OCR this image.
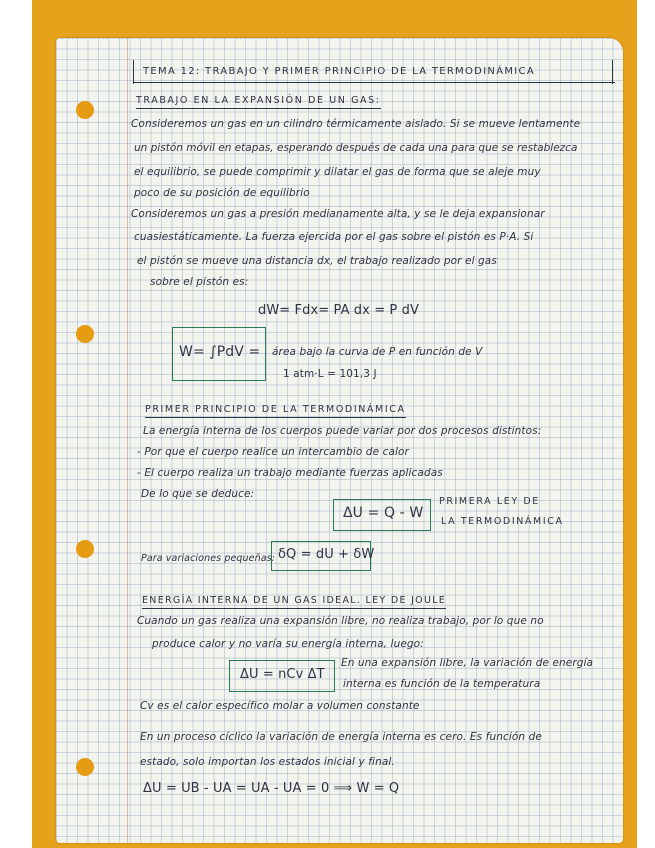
TEMA 12: TRABAJO Y PRIMER PRINCIPIO DE LA TERMODINÁMICA
TRABAJO EN LA EXPANSIÓN DE UN GAS:
Consideremos un gas en un cilindro térmicamente aislado. Si se mueve lentamente
un pistón móvil en etapas, esperando después de cada una para que se restablezca
el equilibrio, se puede comprimir y dilatar el gas de forma que se aleje muy
poco de su posición de equilibrio
Consideremos un gas a presión medianamente alta, y se le deja expansionar
cuasiestáticamente. La fuerza ejercida por el gas sobre el pistón es P·A. Si
el pistón se mueve una distancia dx, el trabajo realizado por el gas
sobre el pistón es:
dW= Fdx= PA dx = P dV
W= ∫PdV = área bajo la curva de P en función de V
1 atm·L = 101,3 J
PRIMER PRINCIPIO DE LA TERMODINÁMICA
La energía interna de los cuerpos puede variar por dos procesos distintos:
- Por que el cuerpo realice un intercambio de calor
- El cuerpo realiza un trabajo mediante fuerzas aplicadas
De lo que se deduce:
ΔU = Q - W
PRIMERA LEY DE
LA TERMODINÁMICA
Para variaciones pequeñas: δQ = dU + δW
ENERGÍA INTERNA DE UN GAS IDEAL. LEY DE JOULE
Cuando un gas realiza una expansión libre, no realiza trabajo, por lo que no
produce calor y no varía su energía interna, luego:
ΔU = nCv ΔT
En una expansión libre, la variación de energía
interna es función de la temperatura
Cv es el calor específico molar a volumen constante
En un proceso cíclico la variación de energía interna es cero. Es función de
estado, solo importan los estados inicial y final.
ΔU = UB - UA = UA - UA = 0 ⟹ W = Q
